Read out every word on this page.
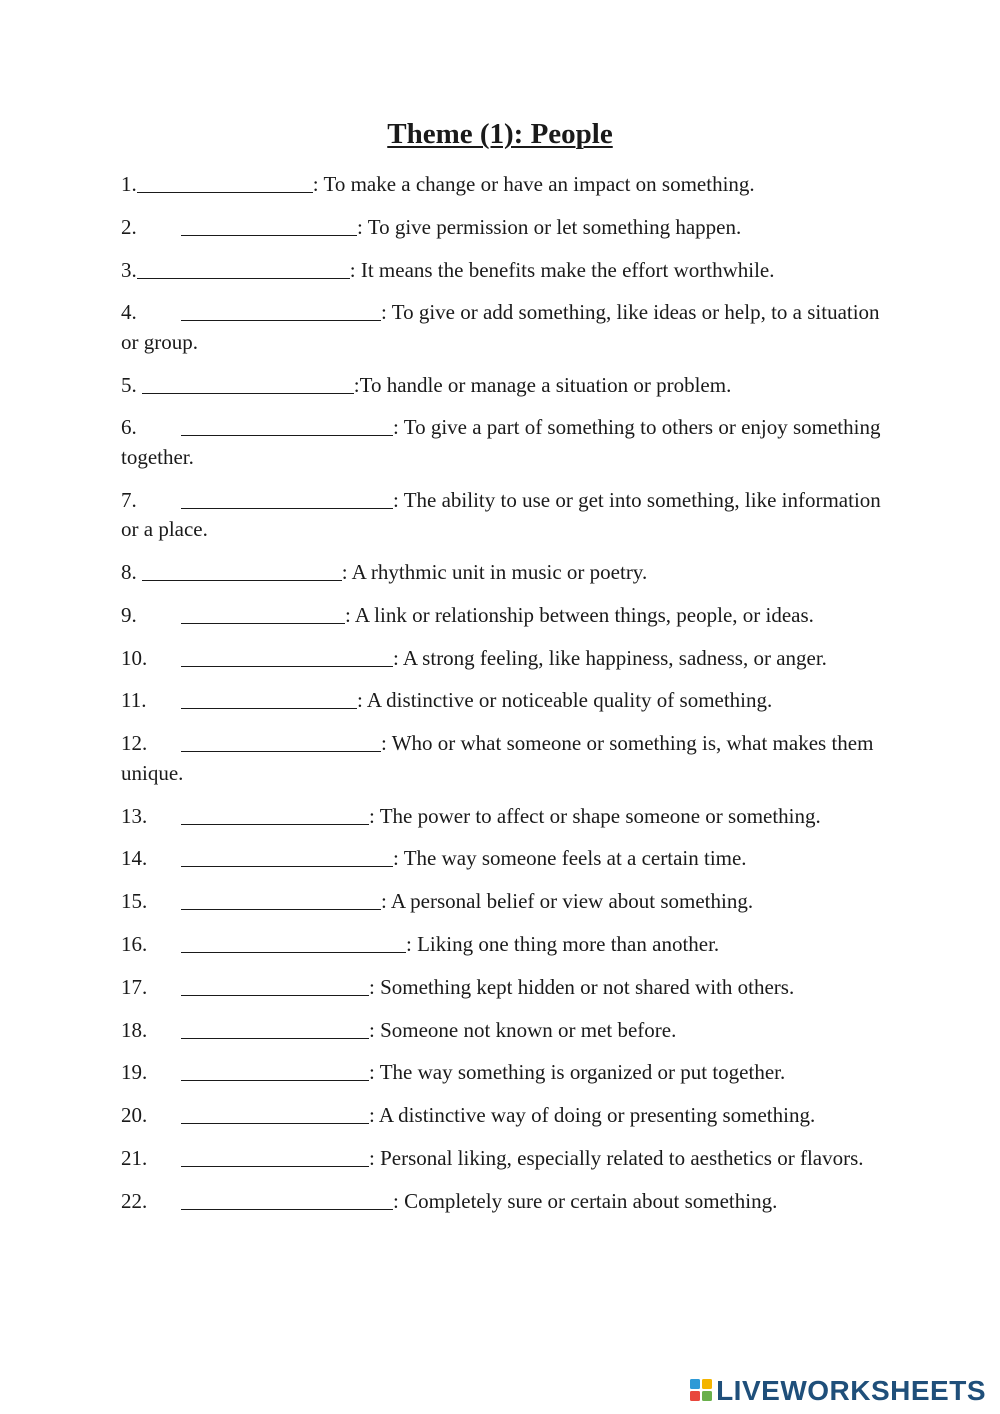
Theme (1): People
1.	: To make a change or have an impact on something.
2.	: To give permission or let something happen.
3.	: It means the benefits make the effort worthwhile.
4.	: To give or add something, like ideas or help, to a situation or group.
5.	:To handle or manage a situation or problem.
6.	: To give a part of something to others or enjoy something together.
7.	: The ability to use or get into something, like information or a place.
8.	: A rhythmic unit in music or poetry.
9.	: A link or relationship between things, people, or ideas.
10.	: A strong feeling, like happiness, sadness, or anger.
11.	: A distinctive or noticeable quality of something.
12.	: Who or what someone or something is, what makes them unique.
13.	: The power to affect or shape someone or something.
14.	: The way someone feels at a certain time.
15.	: A personal belief or view about something.
16.	: Liking one thing more than another.
17.	: Something kept hidden or not shared with others.
18.	: Someone not known or met before.
19.	: The way something is organized or put together.
20.	: A distinctive way of doing or presenting something.
21.	: Personal liking, especially related to aesthetics or flavors.
22.	: Completely sure or certain about something.
LIVEWORKSHEETS
